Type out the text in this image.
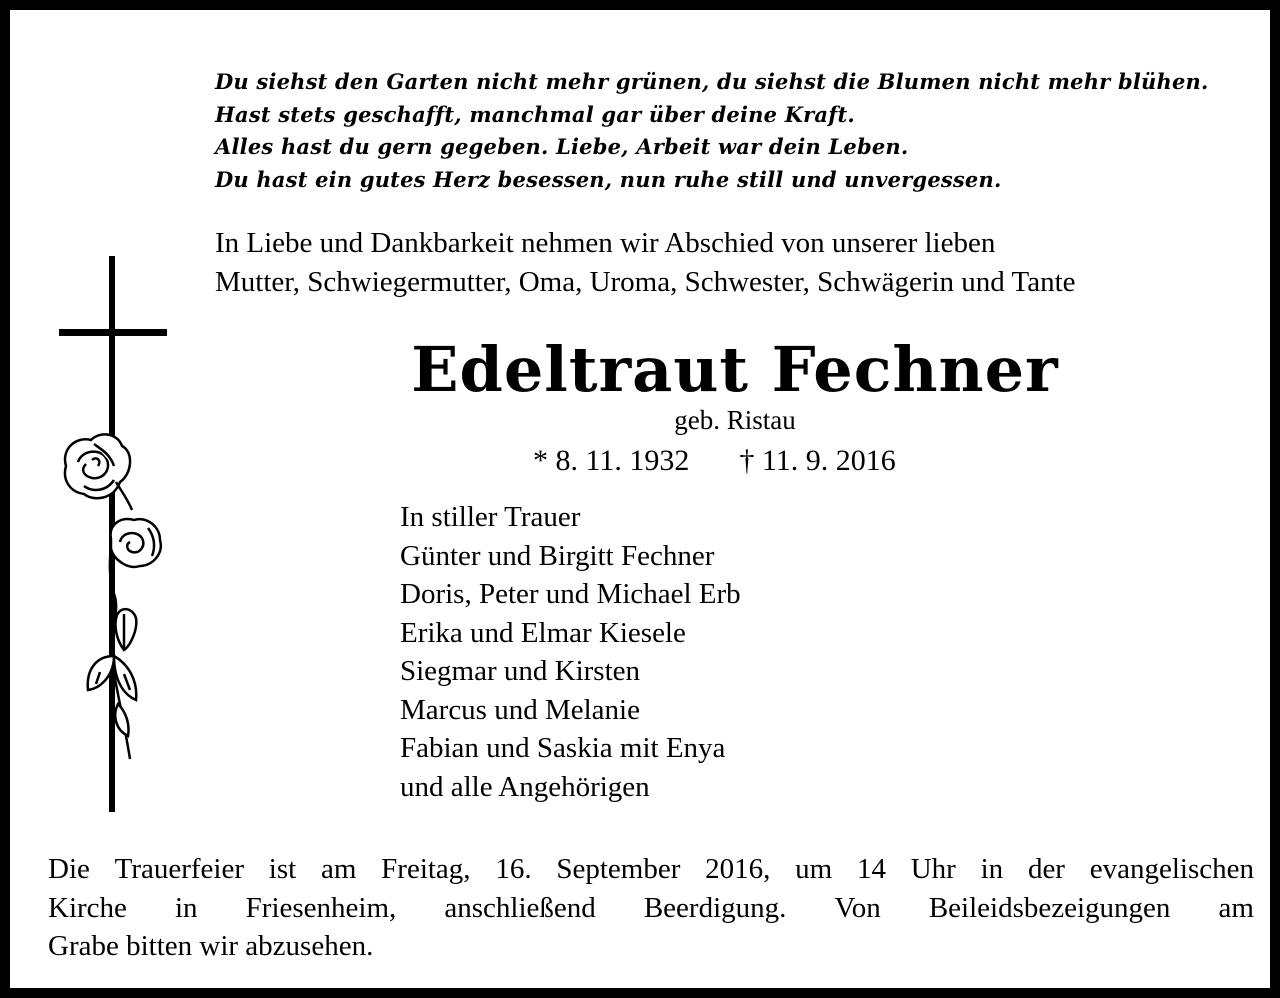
Du siehst den Garten nicht mehr grünen, du siehst die Blumen nicht mehr blühen.
Hast stets geschafft, manchmal gar über deine Kraft.
Alles hast du gern gegeben. Liebe, Arbeit war dein Leben.
Du hast ein gutes Herz besessen, nun ruhe still und unvergessen.
In Liebe und Dankbarkeit nehmen wir Abschied von unserer lieben
Mutter, Schwiegermutter, Oma, Uroma, Schwester, Schwägerin und Tante
Edeltraut Fechner
geb. Ristau
* 8. 11. 1932 † 11. 9. 2016
In stiller Trauer
Günter und Birgitt Fechner
Doris, Peter und Michael Erb
Erika und Elmar Kiesele
Siegmar und Kirsten
Marcus und Melanie
Fabian und Saskia mit Enya
und alle Angehörigen
Die Trauerfeier ist am Freitag, 16. September 2016, um 14 Uhr in der evangelischen
Kirche in Friesenheim, anschließend Beerdigung. Von Beileidsbezeigungen am
Grabe bitten wir abzusehen.
